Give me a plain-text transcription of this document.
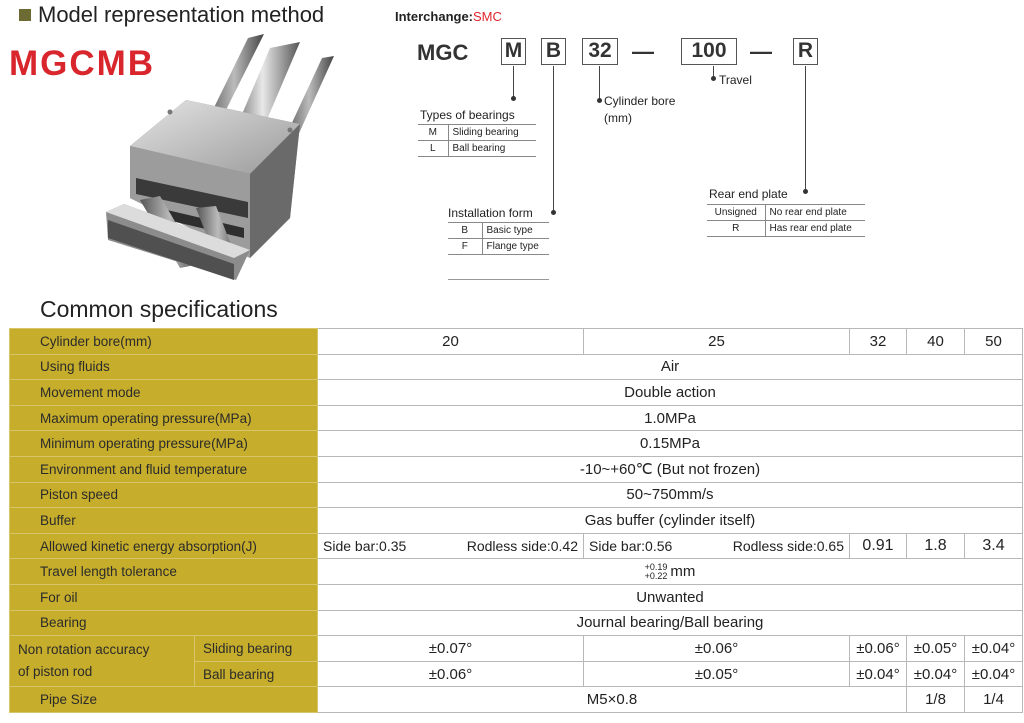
Model representation method	Interchange:SMC
MGCMB	MGC M B	32 —	100	— R
Types of bearings
M	Sliding bearing
L	Ball bearing
Cylinder bore
(mm)
Travel
Installation form
B	Basic type
F	Flange type
Rear end plate
Unsigned	No rear end plate
R	Has rear end plate
Common specifications
Cylinder bore(mm)		20	25	32	40	50
Using fluids		Air				
Movement mode		Double action				
Maximum operating pressure(MPa)		1.0MPa				
Minimum operating pressure(MPa)		0.15MPa				
Environment and fluid temperature		-10~+60℃ (But not frozen)				
Piston speed		50~750mm/s				
Buffer		Gas buffer (cylinder itself)				
Allowed kinetic energy absorption(J)		Side bar:0.35 Rodless side:0.42	Side bar:0.56 Rodless side:0.65	0.91	1.8	3.4
Travel length tolerance		+0.19
+0.22 mm				
For oil		Unwanted				
Bearing		Journal bearing/Ball bearing				
Non rotation accuracy
of piston rod	Sliding bearing	±0.07°	±0.06°	±0.06°	±0.05°	±0.04°
	Ball bearing	±0.06°	±0.05°	±0.04°	±0.04°	±0.04°
Pipe Size		M5×0.8			1/8	1/4
